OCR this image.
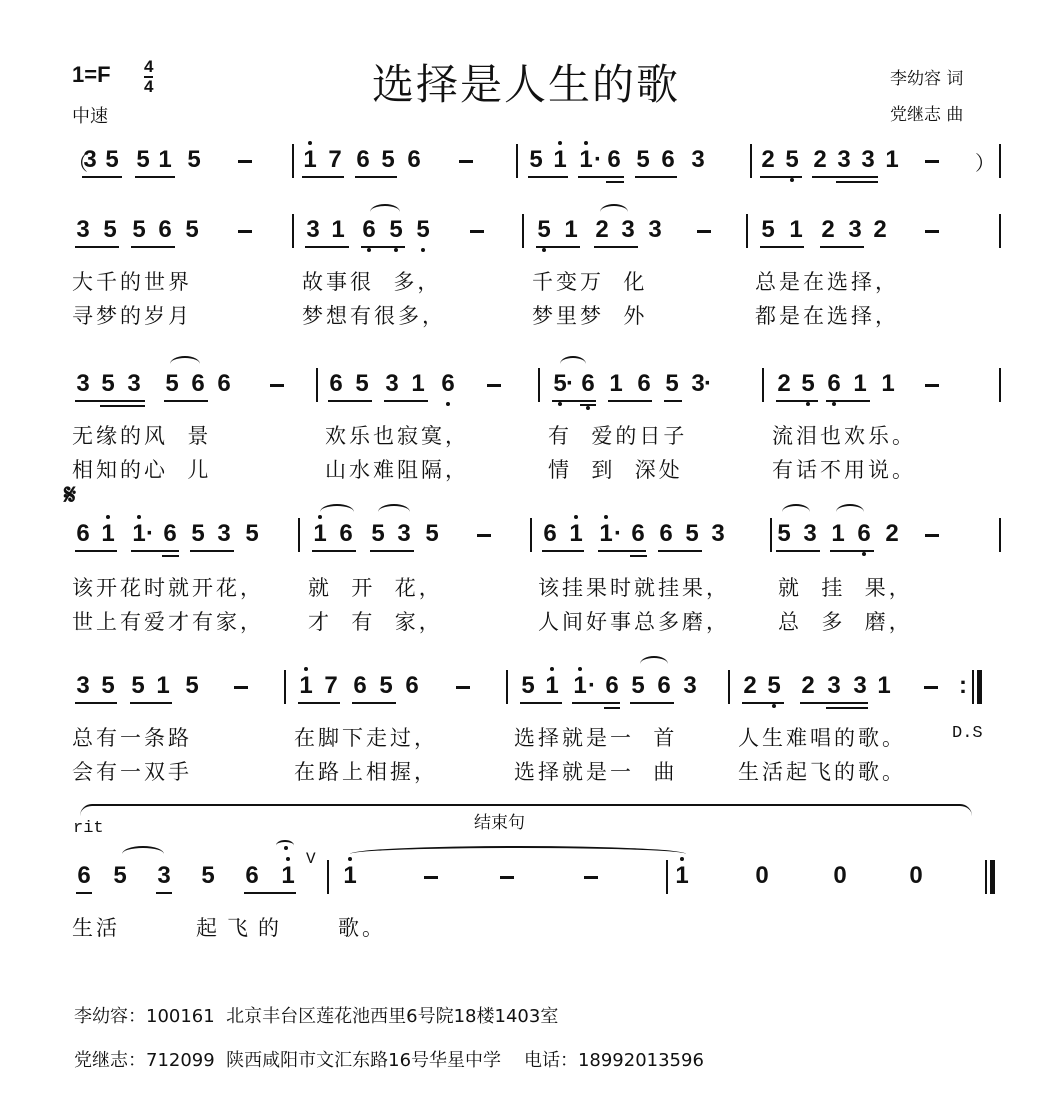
1=F 4
4
中速
选择是人生的歌	李幼容 词
党继志 曲
（
3 5 5 1 5	1 7 6 5 6	5 1 1 · 6 5 6 3 2 5 2 3 3 1	）
3 5 5 6 5	3 1 6 5 5	5 1 2 3 3	5 1 2 3 2
大千的世界	故事很  多，	千变万  化	总是在选择，
寻梦的岁月	梦想有很多，	梦里梦  外	都是在选择，
3 5 3 5 6 6	6 5 3 1 6	5 · 6 1 6 5 3 ·	2 5 6 1 1
无缘的风  景	欢乐也寂寞，	有  爱的日子	流泪也欢乐。
相知的心  儿	山水难阻隔，	情  到  深处	有话不用说。
𝄋
6 1 1 · 6 5 3 5 1 6 5 3 5	6 1 1 · 6 6 5 3 5 3 1 6 2
该开花时就开花， 就  开  花，	该挂果时就挂果， 就  挂  果，
世上有爱才有家， 才  有  家，	人间好事总多磨， 总  多  磨，
3 5 5 1 5	1 7 6 5 6	5 1 1 · 6 5 6 3 2 5 2 3 3 1	:
总有一条路	在脚下走过，	选择就是一  首	人生难唱的歌。	D.S
会有一双手	在路上相握，	选择就是一  曲	生活起飞的歌。
rit	结束句
6 5 3 5 6 1
V
1	1	0	0	0
生活	起飞的 歌。
李幼容：100161  北京丰台区莲花池西里6号院18楼1403室
党继志：712099  陕西咸阳市文汇东路16号华星中学    电话：18992013596
